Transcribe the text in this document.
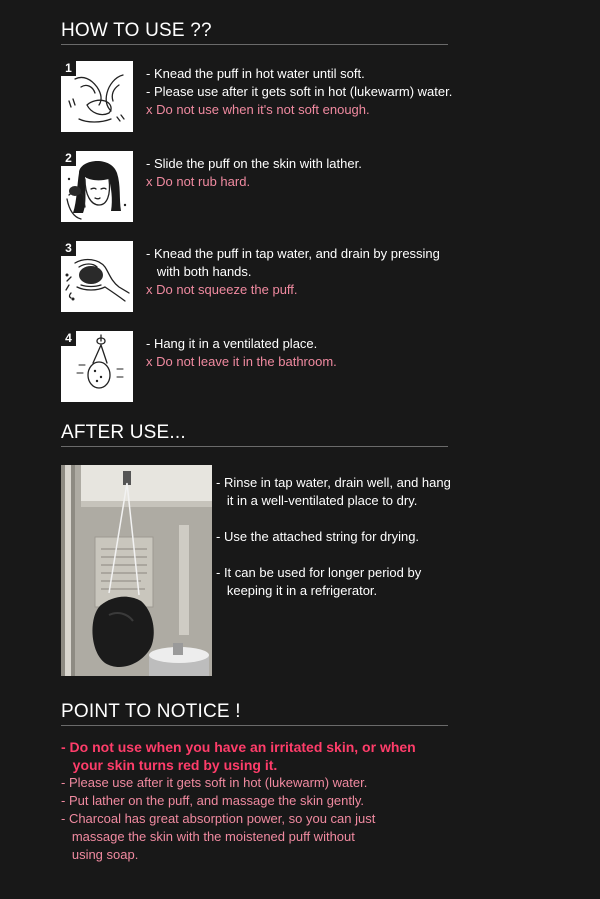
HOW TO USE ??
1	- Knead the puff in hot water until soft.
- Please use after it gets soft in hot (lukewarm) water.
x Do not use when it's not soft enough.
2	- Slide the puff on the skin with lather.
x Do not rub hard.
3	- Knead the puff in tap water, and drain by pressing
with both hands.
x Do not squeeze the puff.
4	- Hang it in a ventilated place.
x Do not leave it in the bathroom.
AFTER USE...
- Rinse in tap water, drain well, and hang
it in a well-ventilated place to dry.
- Use the attached string for drying.
- It can be used for longer period by
keeping it in a refrigerator.
POINT TO NOTICE !
- Do not use when you have an irritated skin, or when
your skin turns red by using it.
- Please use after it gets soft in hot (lukewarm) water.
- Put lather on the puff, and massage the skin gently.
- Charcoal has great absorption power, so you can just
massage the skin with the moistened puff without
using soap.
